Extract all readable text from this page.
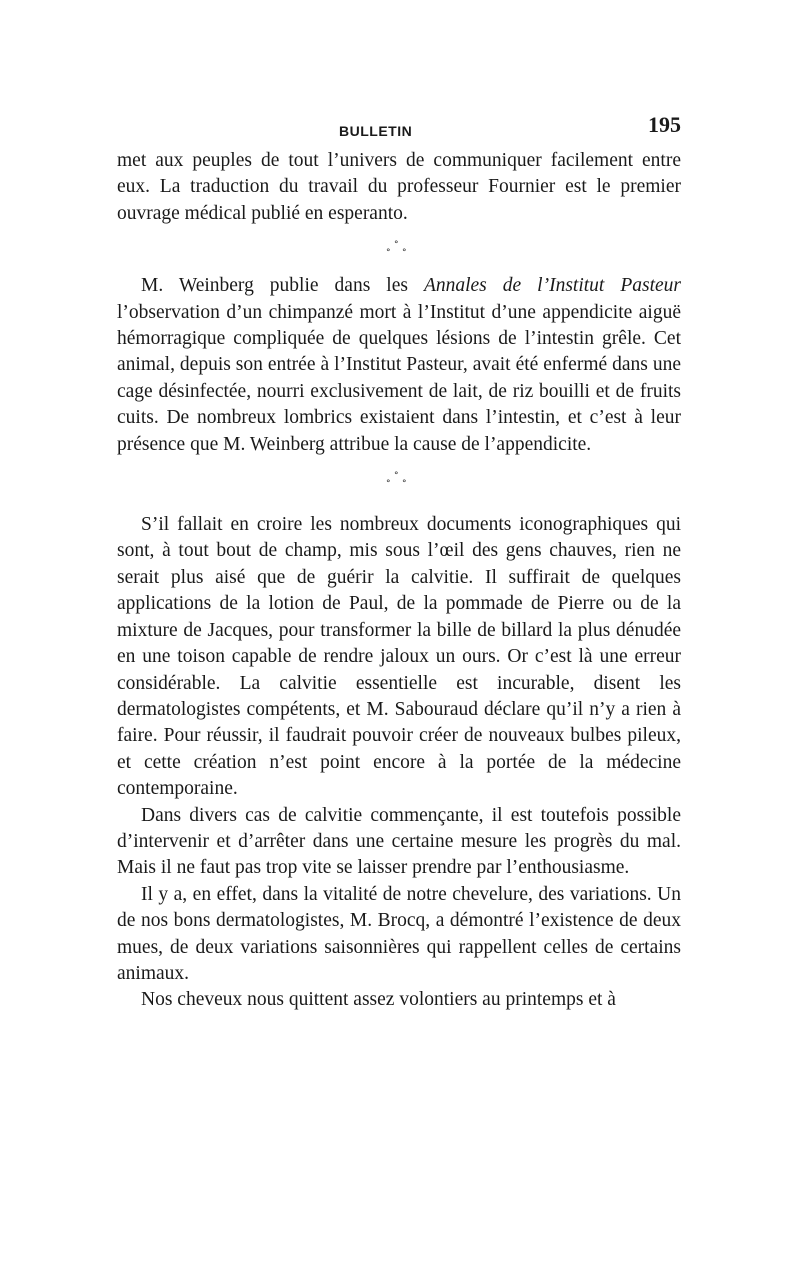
BULLETIN	195

met aux peuples de tout l’univers de communiquer facilement entre eux. La traduction du travail du professeur Fournier est le premier ouvrage médical publié en esperanto.

°
° °

M. Weinberg publie dans les Annales de l’Institut Pasteur l’observation d’un chimpanzé mort à l’Institut d’une appendicite aiguë hémorragique compliquée de quelques lésions de l’intestin grêle. Cet animal, depuis son entrée à l’Institut Pasteur, avait été enfermé dans une cage désinfectée, nourri exclusivement de lait, de riz bouilli et de fruits cuits. De nombreux lombrics existaient dans l’intestin, et c’est à leur présence que M. Weinberg attribue la cause de l’appendicite.

°
° °

S’il fallait en croire les nombreux documents iconographiques qui sont, à tout bout de champ, mis sous l’œil des gens chauves, rien ne serait plus aisé que de guérir la calvitie. Il suffirait de quelques applications de la lotion de Paul, de la pommade de Pierre ou de la mixture de Jacques, pour transformer la bille de billard la plus dénudée en une toison capable de rendre jaloux un ours. Or c’est là une erreur considérable. La calvitie essentielle est incurable, disent les dermatologistes compétents, et M. Sabouraud déclare qu’il n’y a rien à faire. Pour réussir, il faudrait pouvoir créer de nouveaux bulbes pileux, et cette création n’est point encore à la portée de la médecine contemporaine.

Dans divers cas de calvitie commençante, il est toutefois possible d’intervenir et d’arrêter dans une certaine mesure les progrès du mal. Mais il ne faut pas trop vite se laisser prendre par l’enthousiasme.

Il y a, en effet, dans la vitalité de notre chevelure, des variations. Un de nos bons dermatologistes, M. Brocq, a démontré l’existence de deux mues, de deux variations saisonnières qui rappellent celles de certains animaux.

Nos cheveux nous quittent assez volontiers au printemps et à
